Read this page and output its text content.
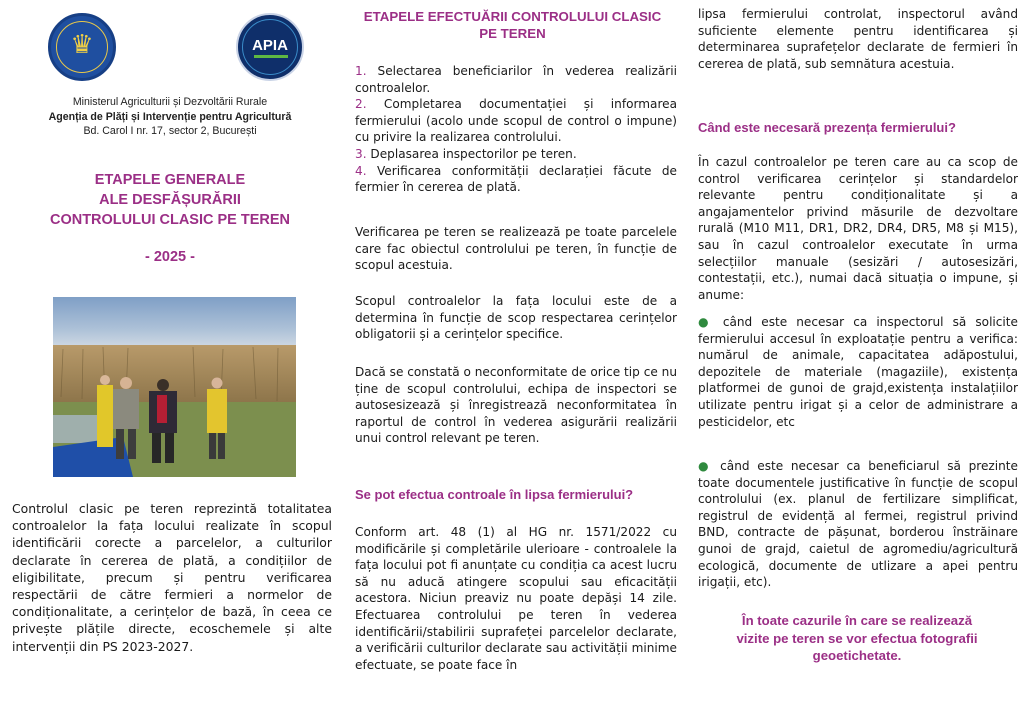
♛	APIA
Ministerul Agriculturii și Dezvoltării Rurale
Agenția de Plăți și Intervenție pentru Agricultură
Bd. Carol I nr. 17, sector 2, București
ETAPELE GENERALE
ALE DESFĂȘURĂRII
CONTROLULUI CLASIC PE TEREN
- 2025 -
Controlul clasic pe teren reprezintă totalitatea controalelor la fața locului realizate în scopul identificării corecte a parcelelor, a culturilor declarate în cererea de plată, a condițiilor de eligibilitate, precum și pentru verificarea respectării de către fermieri a normelor de condiționalitate, a cerințelor de bază, în ceea ce privește plățile directe, ecoschemele și alte intervenții din PS 2023-2027.
ETAPELE EFECTUĂRII CONTROLULUI CLASIC
PE TEREN
1. Selectarea beneficiarilor în vederea realizării controalelor.
2. Completarea documentației și informarea fermierului (acolo unde scopul de control o impune) cu privire la realizarea controlului.
3. Deplasarea inspectorilor pe teren.
4. Verificarea conformității declarației făcute de fermier în cererea de plată.
Verificarea pe teren se realizează pe toate parcelele care fac obiectul controlului pe teren, în funcție de scopul acestuia.
Scopul controalelor la fața locului este de a determina în funcție de scop respectarea cerințelor obligatorii și a cerințelor specifice.
Dacă se constată o neconformitate de orice tip ce nu ține de scopul controlului, echipa de inspectori se autosesizează și înregistrează neconformitatea în raportul de control în vederea asigurării realizării unui control relevant pe teren.
Se pot efectua controale în lipsa fermierului?
Conform art. 48 (1) al HG nr. 1571/2022 cu modificările și completările ulerioare - controalele la fața locului pot fi anunțate cu condiția ca acest lucru să nu aducă atingere scopului sau eficacității acestora. Niciun preaviz nu poate depăși 14 zile. Efectuarea controlului pe teren în vederea identificării/stabilirii suprafeței parcelelor declarate, a verificării culturilor declarate sau activității minime efectuate, se poate face în
lipsa fermierului controlat, inspectorul având suficiente elemente pentru identificarea și determinarea suprafețelor declarate de fermieri în cererea de plată, sub semnătura acestuia.
Când este necesară prezența fermierului?
În cazul controalelor pe teren care au ca scop de control verificarea cerințelor și standardelor relevante pentru condiționalitate și a angajamentelor privind măsurile de dezvoltare rurală (M10 M11, DR1, DR2, DR4, DR5, M8 și M15), sau în cazul controalelor executate în urma selecțiilor manuale (sesizări / autosesizări, contestații, etc.), numai dacă situația o impune, și anume:
● când este necesar ca inspectorul să solicite fermierului accesul în exploatație pentru a verifica: numărul de animale, capacitatea adăpostului, depozitele de materiale (magaziile), existența platformei de gunoi de grajd,existența instalațiilor utilizate pentru irigat și a celor de administrare a pesticidelor, etc
● când este necesar ca beneficiarul să prezinte toate documentele justificative în funcție de scopul controlului (ex. planul de fertilizare simplificat, registrul de evidență al fermei, registrul privind BND, contracte de pășunat, borderou înstrăinare gunoi de grajd, caietul de agromediu/agricultură ecologică, documente de utlizare a apei pentru irigații, etc).
În toate cazurile în care se realizează
vizite pe teren se vor efectua fotografii
geoetichetate.
